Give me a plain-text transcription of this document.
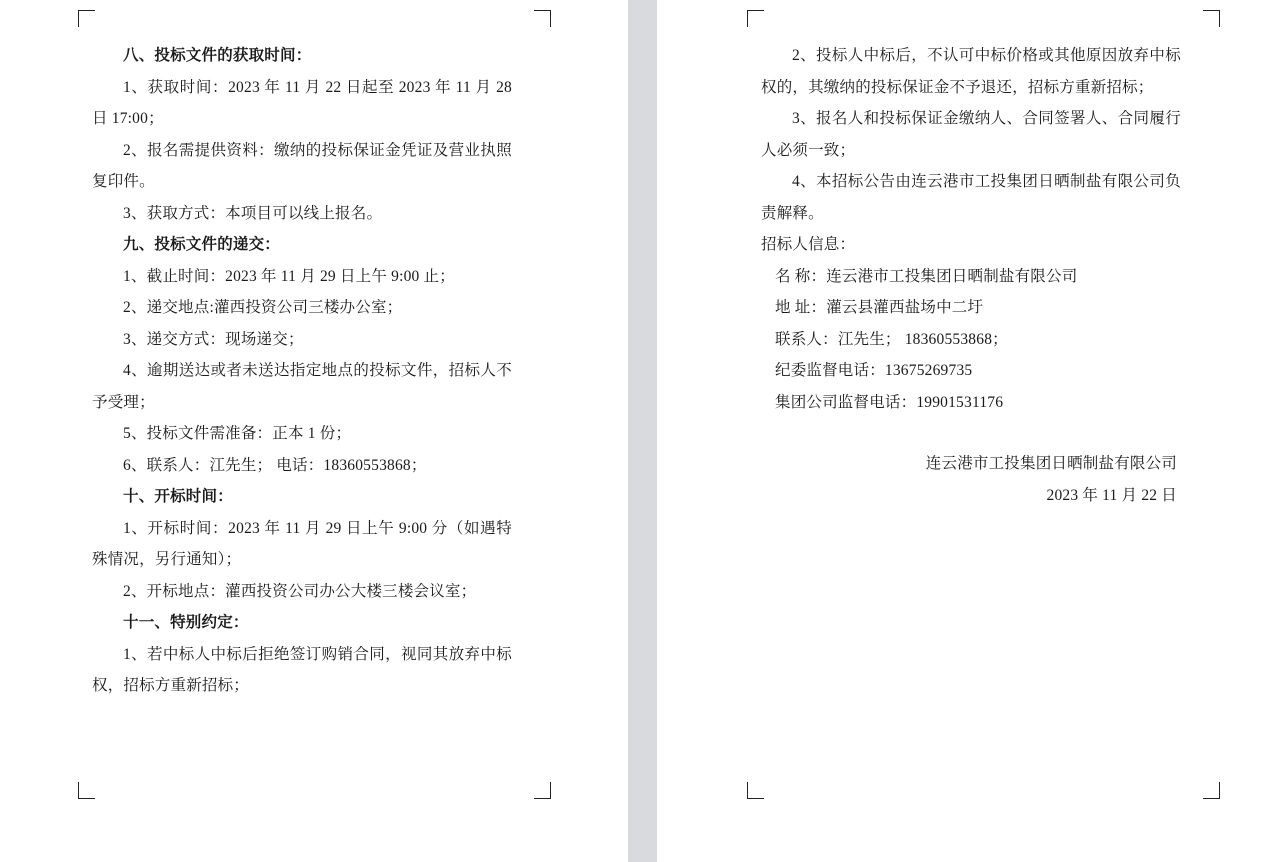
八、投标文件的获取时间：

1、获取时间：2023 年 11 月 22 日起至 2023 年 11 月 28 日 17:00；

2、报名需提供资料：缴纳的投标保证金凭证及营业执照复印件。

3、获取方式：本项目可以线上报名。

九、投标文件的递交：

1、截止时间：2023 年 11 月 29 日上午 9:00 止；

2、递交地点:灌西投资公司三楼办公室；

3、递交方式：现场递交；

4、逾期送达或者未送达指定地点的投标文件，招标人不予受理；

5、投标文件需准备：正本 1 份；

6、联系人：江先生； 电话：18360553868；

十、开标时间：

1、开标时间：2023 年 11 月 29 日上午 9:00 分（如遇特殊情况，另行通知）；

2、开标地点：灌西投资公司办公大楼三楼会议室；

十一、特别约定：

1、若中标人中标后拒绝签订购销合同，视同其放弃中标权，招标方重新招标；

2、投标人中标后，不认可中标价格或其他原因放弃中标权的，其缴纳的投标保证金不予退还，招标方重新招标；

3、报名人和投标保证金缴纳人、合同签署人、合同履行人必须一致；

4、本招标公告由连云港市工投集团日晒制盐有限公司负责解释。

招标人信息：

名 称：连云港市工投集团日晒制盐有限公司

地 址：灌云县灌西盐场中二圩

联系人：江先生； 18360553868；

纪委监督电话：13675269735

集团公司监督电话：19901531176

连云港市工投集团日晒制盐有限公司
2023 年 11 月 22 日
